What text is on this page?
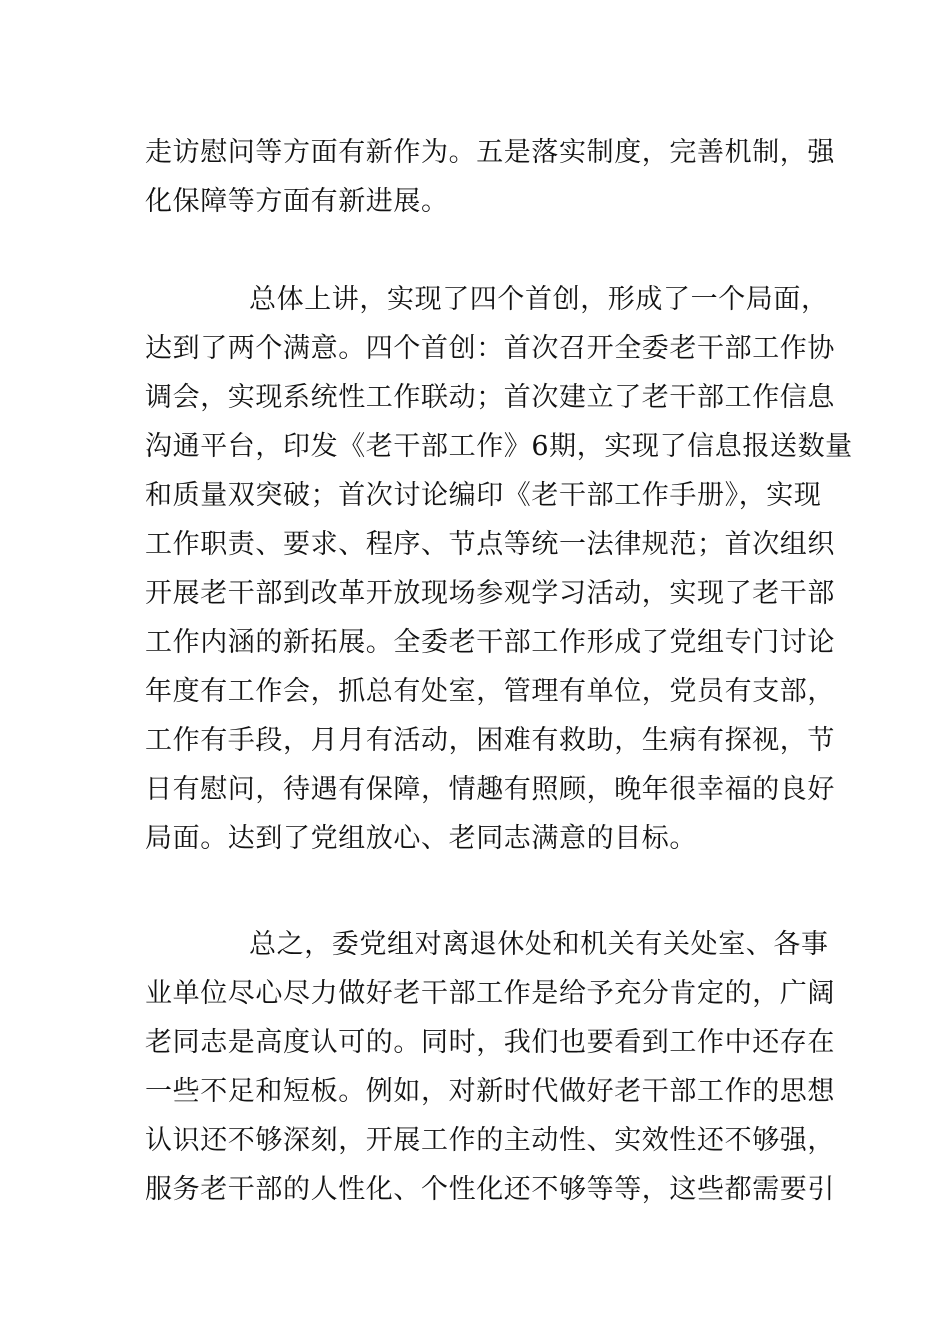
走访慰问等方面有新作为。五是落实制度，完善机制，强
化保障等方面有新进展。
总体上讲，实现了四个首创，形成了一个局面，
达到了两个满意。四个首创：首次召开全委老干部工作协
调会，实现系统性工作联动；首次建立了老干部工作信息
沟通平台，印发《老干部工作》6期，实现了信息报送数量
和质量双突破；首次讨论编印《老干部工作手册》，实现
工作职责、要求、程序、节点等统一法律规范；首次组织
开展老干部到改革开放现场参观学习活动，实现了老干部
工作内涵的新拓展。全委老干部工作形成了党组专门讨论
年度有工作会，抓总有处室，管理有单位，党员有支部，
工作有手段，月月有活动，困难有救助，生病有探视，节
日有慰问，待遇有保障，情趣有照顾，晚年很幸福的良好
局面。达到了党组放心、老同志满意的目标。
总之，委党组对离退休处和机关有关处室、各事
业单位尽心尽力做好老干部工作是给予充分肯定的，广阔
老同志是高度认可的。同时，我们也要看到工作中还存在
一些不足和短板。例如，对新时代做好老干部工作的思想
认识还不够深刻，开展工作的主动性、实效性还不够强，
服务老干部的人性化、个性化还不够等等，这些都需要引
